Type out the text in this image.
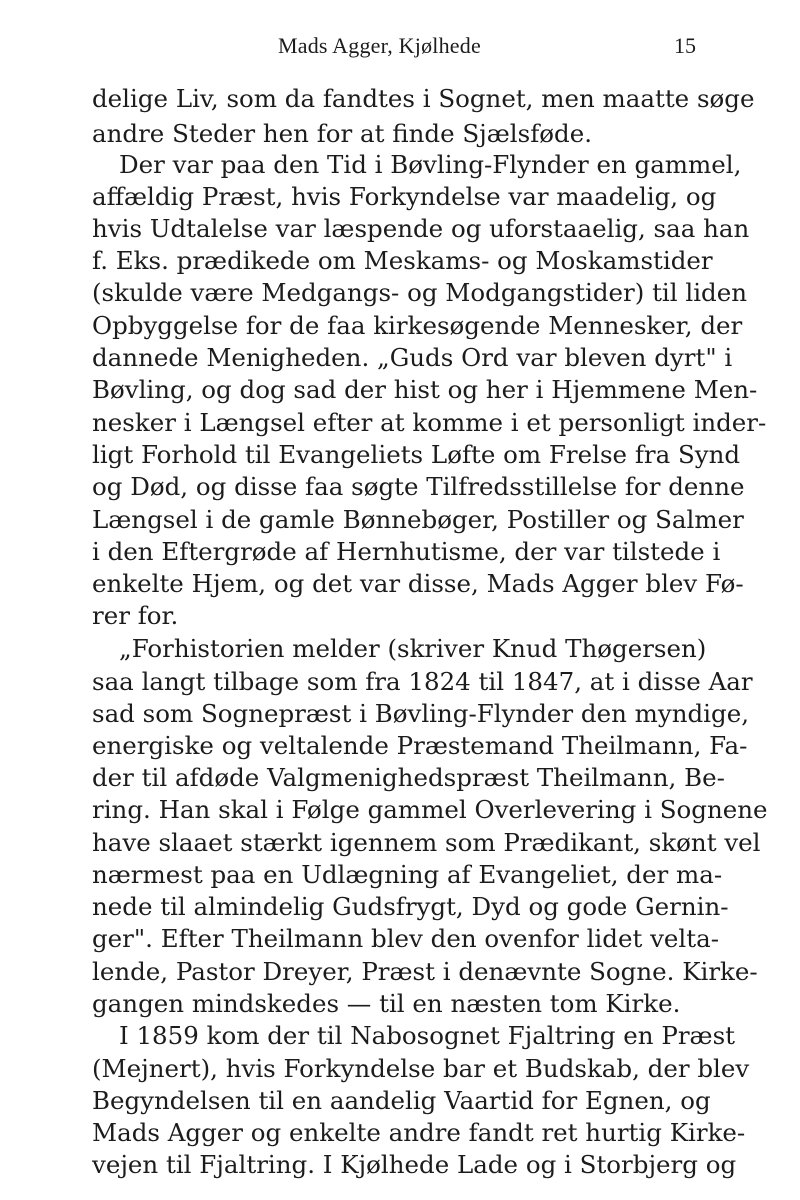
Mads Agger, Kjølhede	15
delige Liv, som da fandtes i Sognet, men maatte søge
andre Steder hen for at finde Sjælsføde.
Der var paa den Tid i Bøvling-Flynder en gammel,
affældig Præst, hvis Forkyndelse var maadelig, og
hvis Udtalelse var læspende og uforstaaelig, saa han
f. Eks. prædikede om Meskams- og Moskamstider
(skulde være Medgangs- og Modgangstider) til liden
Opbyggelse for de faa kirkesøgende Mennesker, der
dannede Menigheden. „Guds Ord var bleven dyrt" i
Bøvling, og dog sad der hist og her i Hjemmene Men-
nesker i Længsel efter at komme i et personligt inder-
ligt Forhold til Evangeliets Løfte om Frelse fra Synd
og Død, og disse faa søgte Tilfredsstillelse for denne
Længsel i de gamle Bønnebøger, Postiller og Salmer
i den Eftergrøde af Hernhutisme, der var tilstede i
enkelte Hjem, og det var disse, Mads Agger blev Fø-
rer for.
„Forhistorien melder (skriver Knud Thøgersen)
saa langt tilbage som fra 1824 til 1847, at i disse Aar
sad som Sognepræst i Bøvling-Flynder den myndige,
energiske og veltalende Præstemand Theilmann, Fa-
der til afdøde Valgmenighedspræst Theilmann, Be-
ring. Han skal i Følge gammel Overlevering i Sognene
have slaaet stærkt igennem som Prædikant, skønt vel
nærmest paa en Udlægning af Evangeliet, der ma-
nede til almindelig Gudsfrygt, Dyd og gode Gernin-
ger". Efter Theilmann blev den ovenfor lidet velta-
lende, Pastor Dreyer, Præst i denævnte Sogne. Kirke-
gangen mindskedes — til en næsten tom Kirke.
I 1859 kom der til Nabosognet Fjaltring en Præst
(Mejnert), hvis Forkyndelse bar et Budskab, der blev
Begyndelsen til en aandelig Vaartid for Egnen, og
Mads Agger og enkelte andre fandt ret hurtig Kirke-
vejen til Fjaltring. I Kjølhede Lade og i Storbjerg og
